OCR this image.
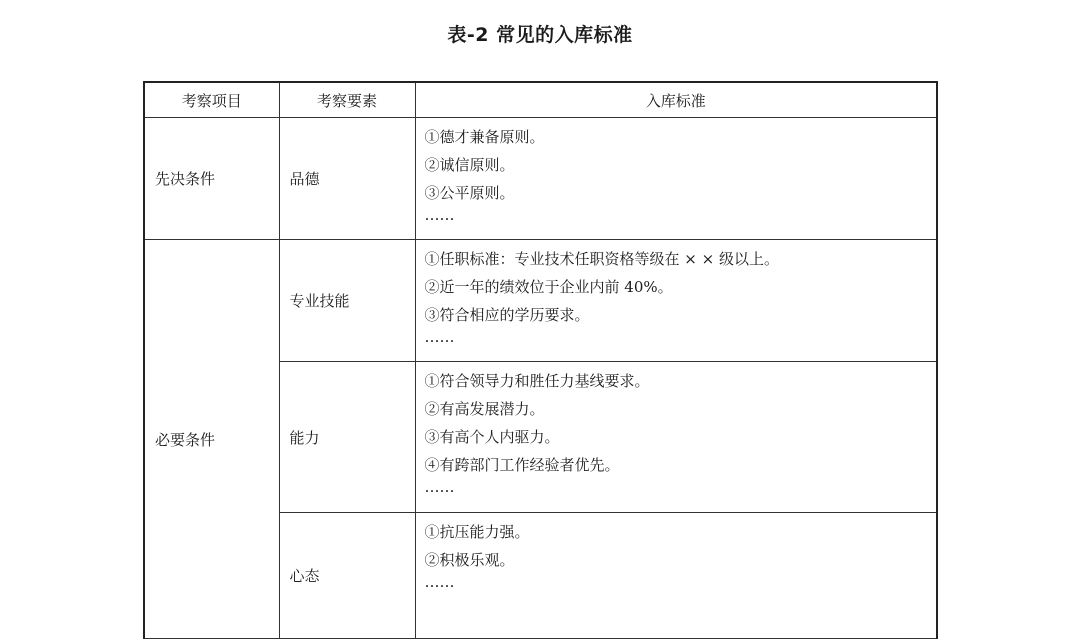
表-2 常见的入库标准
考察项目	考察要素	入库标准
先决条件	品德	①德才兼备原则。
②诚信原则。
③公平原则。
……

必要条件	专业技能	①任职标准：专业技术任职资格等级在 × × 级以上。
②近一年的绩效位于企业内前 40%。
③符合相应的学历要求。
……

	能力	①符合领导力和胜任力基线要求。
②有高发展潜力。
③有高个人内驱力。
④有跨部门工作经验者优先。
……

	心态	①抗压能力强。
②积极乐观。
……
